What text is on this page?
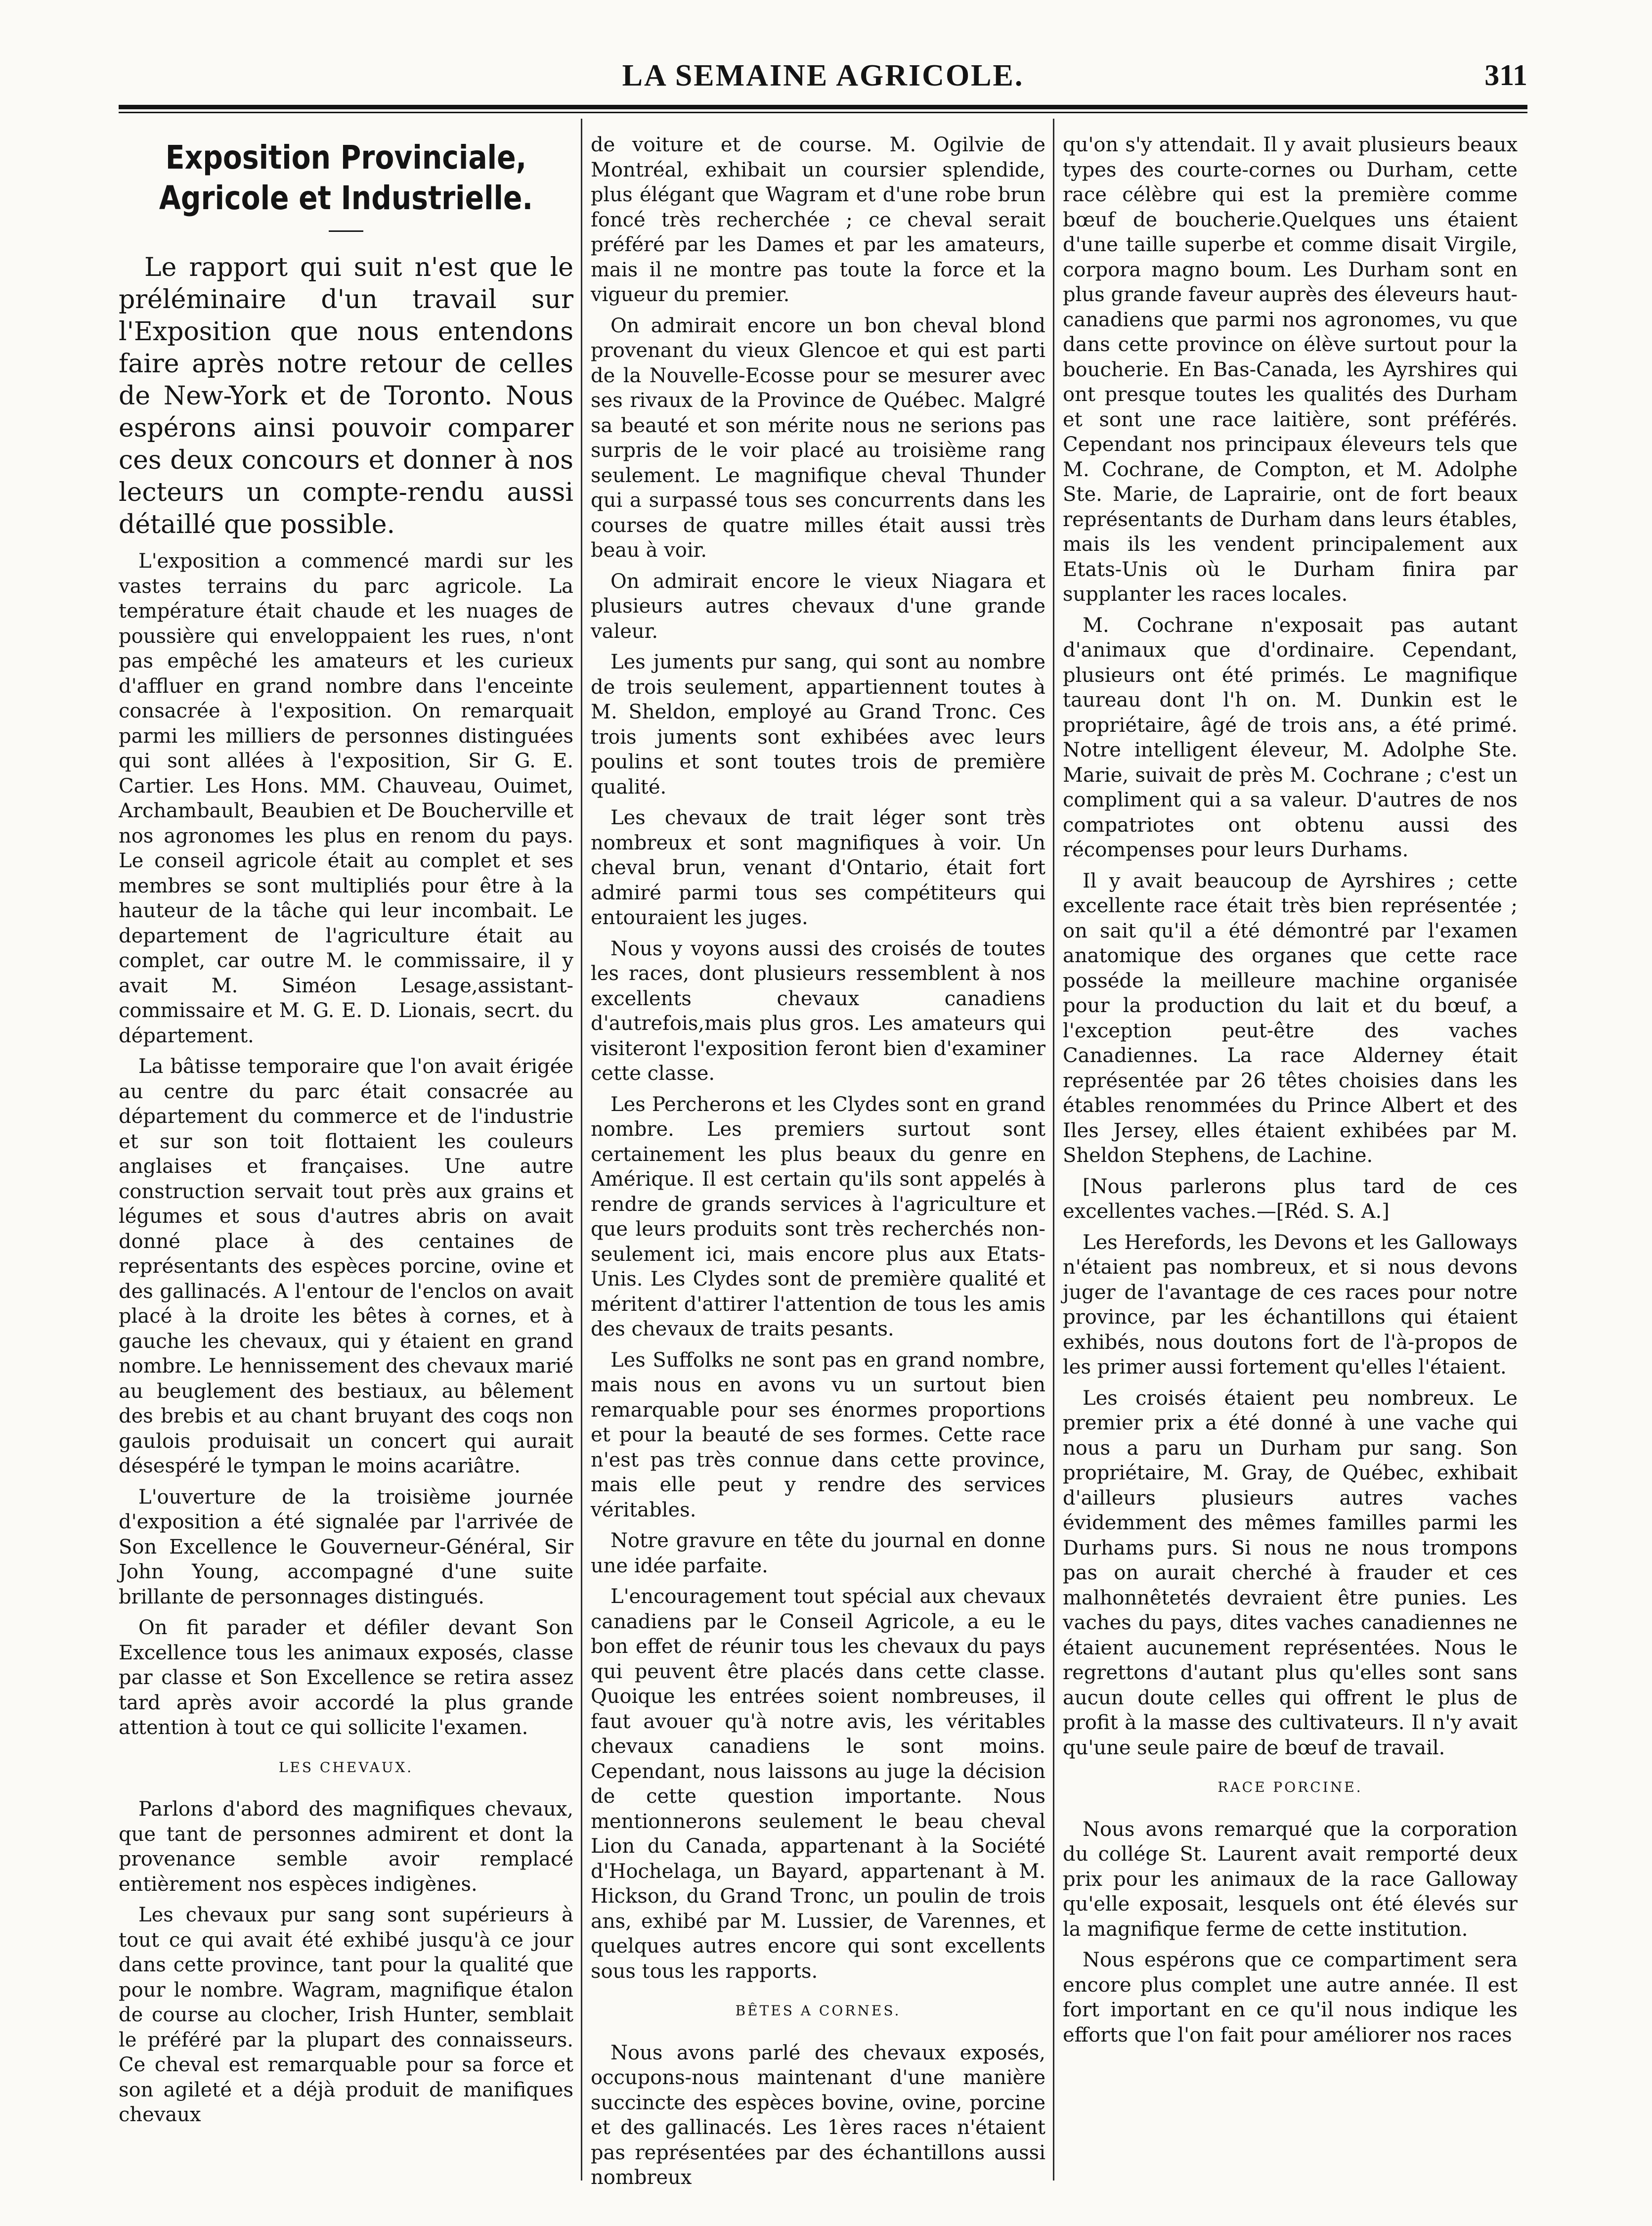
LA SEMAINE AGRICOLE.	311
Exposition Provinciale, Agricole et Industrielle.

Le rapport qui suit n'est que le préléminaire d'un travail sur l'Exposition que nous entendons faire après notre retour de celles de New-York et de Toronto. Nous espérons ainsi pouvoir comparer ces deux concours et donner à nos lecteurs un compte-rendu aussi détaillé que possible.

L'exposition a commencé mardi sur les vastes terrains du parc agricole. La température était chaude et les nuages de poussière qui enveloppaient les rues, n'ont pas empêché les amateurs et les curieux d'affluer en grand nombre dans l'enceinte consacrée à l'exposition. On remarquait parmi les milliers de personnes distinguées qui sont allées à l'exposition, Sir G. E. Cartier. Les Hons. MM. Chauveau, Ouimet, Archambault, Beaubien et De Boucherville et nos agronomes les plus en renom du pays. Le conseil agricole était au complet et ses membres se sont multipliés pour être à la hauteur de la tâche qui leur incombait. Le departement de l'agriculture était au complet, car outre M. le commissaire, il y avait M. Siméon Lesage,assistant-commissaire et M. G. E. D. Lionais, secrt. du département.

La bâtisse temporaire que l'on avait érigée au centre du parc était consacrée au département du commerce et de l'industrie et sur son toit flottaient les couleurs anglaises et françaises. Une autre construction servait tout près aux grains et légumes et sous d'autres abris on avait donné place à des centaines de représentants des espèces porcine, ovine et des gallinacés. A l'entour de l'enclos on avait placé à la droite les bêtes à cornes, et à gauche les chevaux, qui y étaient en grand nombre. Le hennissement des chevaux marié au beuglement des bestiaux, au bêlement des brebis et au chant bruyant des coqs non gaulois produisait un concert qui aurait désespéré le tympan le moins acariâtre.

L'ouverture de la troisième journée d'exposition a été signalée par l'arrivée de Son Excellence le Gouverneur-Général, Sir John Young, accompagné d'une suite brillante de personnages distingués.

On fit parader et défiler devant Son Excellence tous les animaux exposés, classe par classe et Son Excellence se retira assez tard après avoir accordé la plus grande attention à tout ce qui sollicite l'examen.

LES CHEVAUX.

Parlons d'abord des magnifiques chevaux, que tant de personnes admirent et dont la provenance semble avoir remplacé entièrement nos espèces indigènes.

Les chevaux pur sang sont supérieurs à tout ce qui avait été exhibé jusqu'à ce jour dans cette province, tant pour la qualité que pour le nombre. Wagram, magnifique étalon de course au clocher, Irish Hunter, semblait le préféré par la plupart des connaisseurs. Ce cheval est remarquable pour sa force et son agileté et a déjà produit de manifiques chevaux

de voiture et de course. M. Ogilvie de Montréal, exhibait un coursier splendide, plus élégant que Wagram et d'une robe brun foncé très recherchée ; ce cheval serait préféré par les Dames et par les amateurs, mais il ne montre pas toute la force et la vigueur du premier.

On admirait encore un bon cheval blond provenant du vieux Glencoe et qui est parti de la Nouvelle-Ecosse pour se mesurer avec ses rivaux de la Province de Québec. Malgré sa beauté et son mérite nous ne serions pas surpris de le voir placé au troisième rang seulement. Le magnifique cheval Thunder qui a surpassé tous ses concurrents dans les courses de quatre milles était aussi très beau à voir.

On admirait encore le vieux Niagara et plusieurs autres chevaux d'une grande valeur.

Les juments pur sang, qui sont au nombre de trois seulement, appartiennent toutes à M. Sheldon, employé au Grand Tronc. Ces trois juments sont exhibées avec leurs poulins et sont toutes trois de première qualité.

Les chevaux de trait léger sont très nombreux et sont magnifiques à voir. Un cheval brun, venant d'Ontario, était fort admiré parmi tous ses compétiteurs qui entouraient les juges.

Nous y voyons aussi des croisés de toutes les races, dont plusieurs ressemblent à nos excellents chevaux canadiens d'autrefois,mais plus gros. Les amateurs qui visiteront l'exposition feront bien d'examiner cette classe.

Les Percherons et les Clydes sont en grand nombre. Les premiers surtout sont certainement les plus beaux du genre en Amérique. Il est certain qu'ils sont appelés à rendre de grands services à l'agriculture et que leurs produits sont très recherchés non-seulement ici, mais encore plus aux Etats-Unis. Les Clydes sont de première qualité et méritent d'attirer l'attention de tous les amis des chevaux de traits pesants.

Les Suffolks ne sont pas en grand nombre, mais nous en avons vu un surtout bien remarquable pour ses énormes proportions et pour la beauté de ses formes. Cette race n'est pas très connue dans cette province, mais elle peut y rendre des services véritables.

Notre gravure en tête du journal en donne une idée parfaite.

L'encouragement tout spécial aux chevaux canadiens par le Conseil Agricole, a eu le bon effet de réunir tous les chevaux du pays qui peuvent être placés dans cette classe. Quoique les entrées soient nombreuses, il faut avouer qu'à notre avis, les véritables chevaux canadiens le sont moins. Cependant, nous laissons au juge la décision de cette question importante. Nous mentionnerons seulement le beau cheval Lion du Canada, appartenant à la Société d'Hochelaga, un Bayard, appartenant à M. Hickson, du Grand Tronc, un poulin de trois ans, exhibé par M. Lussier, de Varennes, et quelques autres encore qui sont excellents sous tous les rapports.

BÊTES A CORNES.

Nous avons parlé des chevaux exposés, occupons-nous maintenant d'une manière succincte des espèces bovine, ovine, porcine et des gallinacés. Les 1ères races n'étaient pas représentées par des échantillons aussi nombreux

qu'on s'y attendait. Il y avait plusieurs beaux types des courte-cornes ou Durham, cette race célèbre qui est la première comme bœuf de boucherie.Quelques uns étaient d'une taille superbe et comme disait Virgile, corpora magno boum. Les Durham sont en plus grande faveur auprès des éleveurs haut-canadiens que parmi nos agronomes, vu que dans cette province on élève surtout pour la boucherie. En Bas-Canada, les Ayrshires qui ont presque toutes les qualités des Durham et sont une race laitière, sont préférés. Cependant nos principaux éleveurs tels que M. Cochrane, de Compton, et M. Adolphe Ste. Marie, de Laprairie, ont de fort beaux représentants de Durham dans leurs étables, mais ils les vendent principalement aux Etats-Unis où le Durham finira par supplanter les races locales.

M. Cochrane n'exposait pas autant d'animaux que d'ordinaire. Cependant, plusieurs ont été primés. Le magnifique taureau dont l'h on. M. Dunkin est le propriétaire, âgé de trois ans, a été primé. Notre intelligent éleveur, M. Adolphe Ste. Marie, suivait de près M. Cochrane ; c'est un compliment qui a sa valeur. D'autres de nos compatriotes ont obtenu aussi des récompenses pour leurs Durhams.

Il y avait beaucoup de Ayrshires ; cette excellente race était très bien représentée ; on sait qu'il a été démontré par l'examen anatomique des organes que cette race posséde la meilleure machine organisée pour la production du lait et du bœuf, a l'exception peut-être des vaches Canadiennes. La race Alderney était représentée par 26 têtes choisies dans les étables renommées du Prince Albert et des Iles Jersey, elles étaient exhibées par M. Sheldon Stephens, de Lachine.

[Nous parlerons plus tard de ces excellentes vaches.—[Réd. S. A.]

Les Herefords, les Devons et les Galloways n'étaient pas nombreux, et si nous devons juger de l'avantage de ces races pour notre province, par les échantillons qui étaient exhibés, nous doutons fort de l'à-propos de les primer aussi fortement qu'elles l'étaient.

Les croisés étaient peu nombreux. Le premier prix a été donné à une vache qui nous a paru un Durham pur sang. Son propriétaire, M. Gray, de Québec, exhibait d'ailleurs plusieurs autres vaches évidemment des mêmes familles parmi les Durhams purs. Si nous ne nous trompons pas on aurait cherché à frauder et ces malhonnêtetés devraient être punies. Les vaches du pays, dites vaches canadiennes ne étaient aucunement représentées. Nous le regrettons d'autant plus qu'elles sont sans aucun doute celles qui offrent le plus de profit à la masse des cultivateurs. Il n'y avait qu'une seule paire de bœuf de travail.

RACE PORCINE.

Nous avons remarqué que la corporation du collége St. Laurent avait remporté deux prix pour les animaux de la race Galloway qu'elle exposait, lesquels ont été élevés sur la magnifique ferme de cette institution.

Nous espérons que ce compartiment sera encore plus complet une autre année. Il est fort important en ce qu'il nous indique les efforts que l'on fait pour améliorer nos races
